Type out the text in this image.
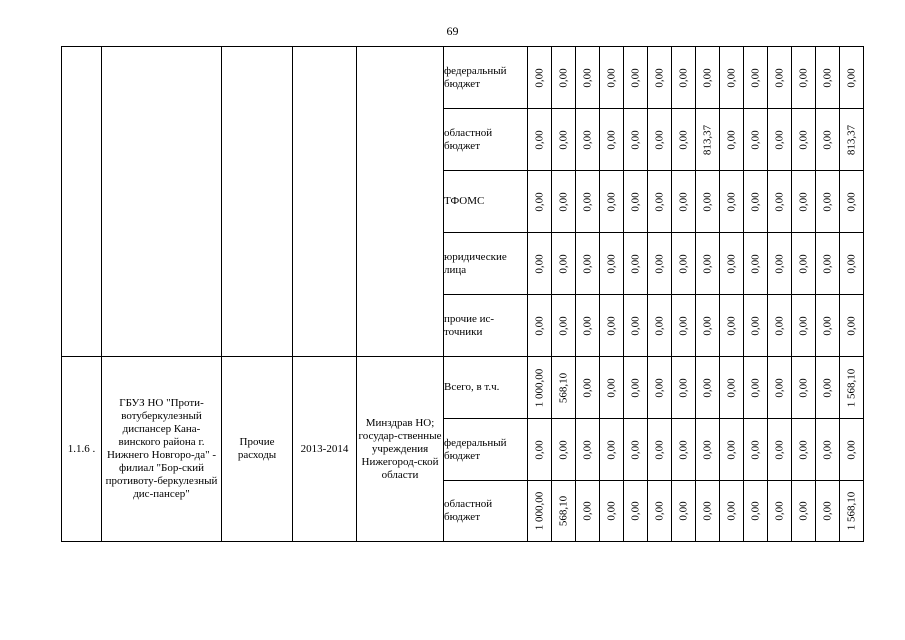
69
					федеральный бюджет	0,00	0,00	0,00	0,00	0,00	0,00	0,00	0,00	0,00	0,00	0,00	0,00	0,00	0,00

					областной бюджет	0,00	0,00	0,00	0,00	0,00	0,00	0,00	813,37	0,00	0,00	0,00	0,00	0,00	813,37

					ТФОМС	0,00	0,00	0,00	0,00	0,00	0,00	0,00	0,00	0,00	0,00	0,00	0,00	0,00	0,00

					юридические лица	0,00	0,00	0,00	0,00	0,00	0,00	0,00	0,00	0,00	0,00	0,00	0,00	0,00	0,00

					прочие ис-точники	0,00	0,00	0,00	0,00	0,00	0,00	0,00	0,00	0,00	0,00	0,00	0,00	0,00	0,00

1.1.6 .	ГБУЗ НО "Проти-вотуберкулезный диспансер Кана-винского района г. Нижнего Новгоро-да" - филиал "Бор-ский противоту-беркулезный дис-пансер"	Прочие расходы	2013-2014	Минздрав НО; государ-ственные учреждения Нижегород-ской области	Всего, в т.ч.	1 000,00	568,10	0,00	0,00	0,00	0,00	0,00	0,00	0,00	0,00	0,00	0,00	0,00	1 568,10

					федеральный бюджет	0,00	0,00	0,00	0,00	0,00	0,00	0,00	0,00	0,00	0,00	0,00	0,00	0,00	0,00

					областной бюджет	1 000,00	568,10	0,00	0,00	0,00	0,00	0,00	0,00	0,00	0,00	0,00	0,00	0,00	1 568,10
